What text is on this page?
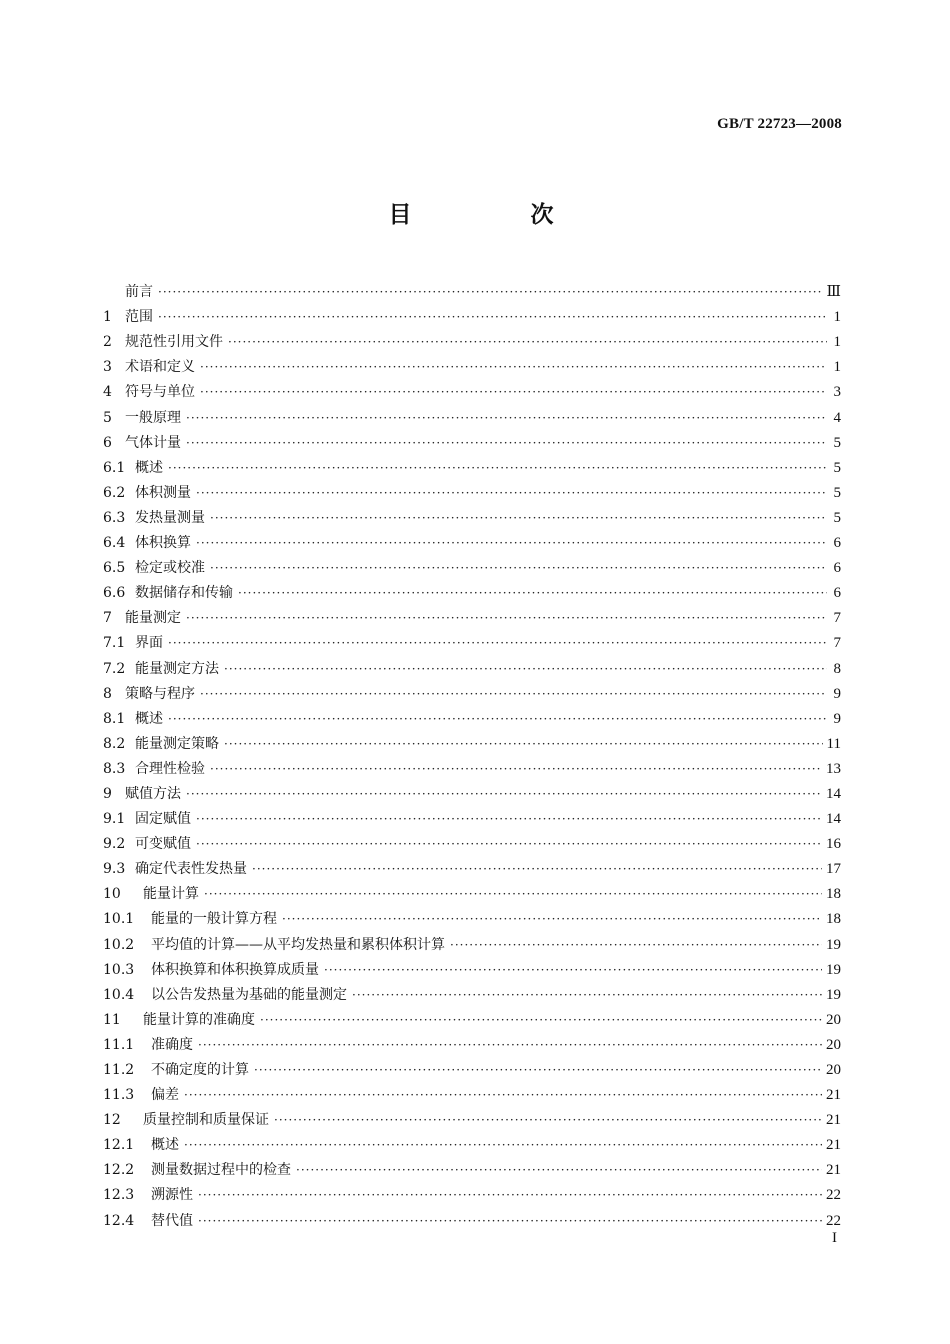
GB/T 22723—2008
目　次
前言 ·····	Ⅲ
1 范围 ·····	1
2 规范性引用文件 ·····	1
3 术语和定义 ·····	1
4 符号与单位 ·····	3
5 一般原理 ·····	4
6 气体计量 ·····	5
6.1 概述 ·····	5
6.2 体积测量 ·····	5
6.3 发热量测量 ·····	5
6.4 体积换算 ·····	6
6.5 检定或校准 ·····	6
6.6 数据储存和传输 ·····	6
7 能量测定 ·····	7
7.1 界面 ·····	7
7.2 能量测定方法 ·····	8
8 策略与程序 ·····	9
8.1 概述 ·····	9
8.2 能量测定策略 ·····	11
8.3 合理性检验 ·····	13
9 赋值方法 ·····	14
9.1 固定赋值 ·····	14
9.2 可变赋值 ·····	16
9.3 确定代表性发热量 ·····	17
10	能量计算 ·····	18
10.1	能量的一般计算方程 ·····	18
10.2	平均值的计算——从平均发热量和累积体积计算 ·····	19
10.3	体积换算和体积换算成质量 ·····	19
10.4	以公告发热量为基础的能量测定 ·····	19
11	能量计算的准确度 ·····	20
11.1	准确度 ·····	20
11.2	不确定度的计算 ·····	20
11.3	偏差 ·····	21
12	质量控制和质量保证 ·····	21
12.1	概述 ·····	21
12.2	测量数据过程中的检查 ·····	21
12.3	溯源性 ·····	22
12.4	替代值 ·····	22
I
